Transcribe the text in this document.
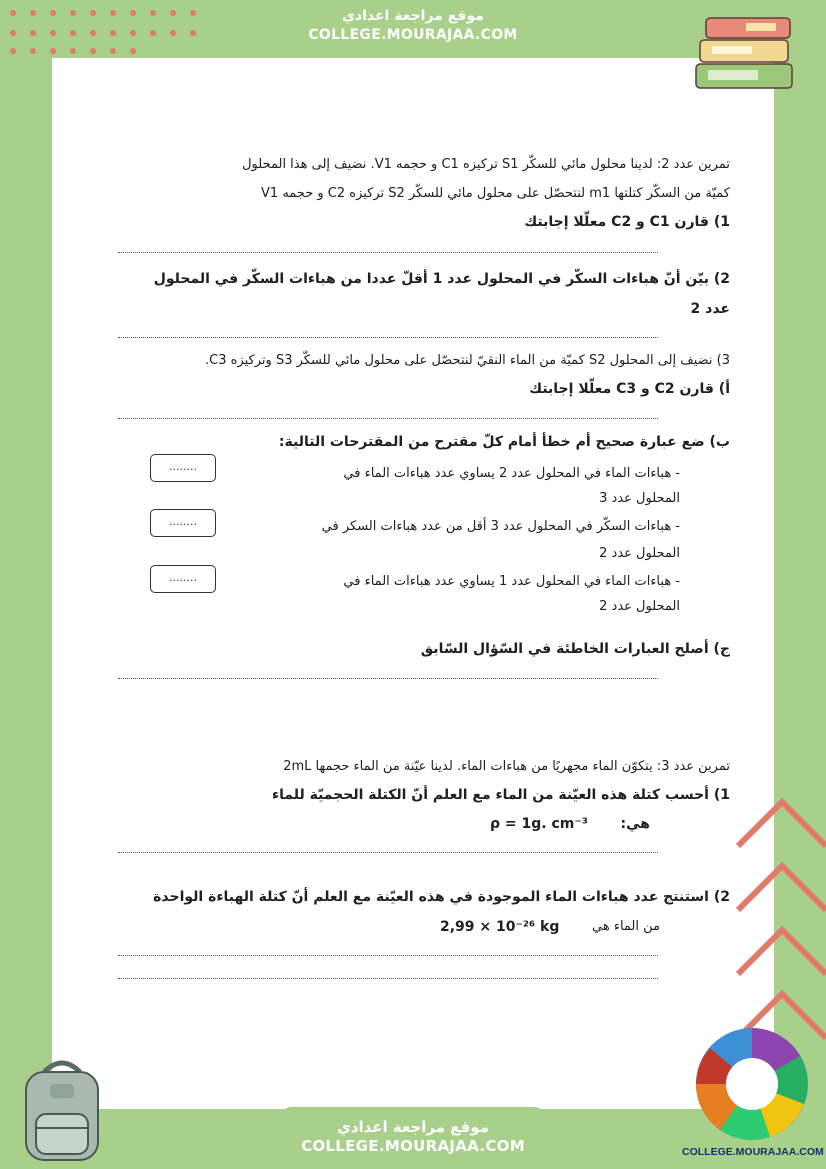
موقع مراجعة اعدادي
COLLEGE.MOURAJAA.COM
تمرين عدد 2: لدينا محلول مائي للسكّر S1 تركيزه C1 و حجمه V1. نضيف إلى هذا المحلول
كميّة من السكّر كتلتها m1 لنتحصّل على محلول مائي للسكّر S2 تركيزه C2 و حجمه V1
1) قارن C1 و C2 معلّلا إجابتك
2) بيّن أنّ هباءات السكّر في المحلول عدد 1 أقلّ عددا من هباءات السكّر في المحلول
عدد 2
3) نضيف إلى المحلول S2 كميّة من الماء النقيّ لنتحصّل على محلول مائي للسكّر S3 وتركيزه C3.
أ) قارن C2 و C3 معلّلا إجابتك
ب) ضع عبارة صحيح أم خطأ أمام كلّ مقترح من المقترحات التالية:
........	- هباءات الماء في المحلول عدد 2 يساوي عدد هباءات الماء في
المحلول عدد 3
........	- هباءات السكّر في المحلول عدد 3 أقل من عدد هباءات السكر في
المحلول عدد 2
........	- هباءات الماء في المحلول عدد 1 يساوي عدد هباءات الماء في
المحلول عدد 2
ج) أصلح العبارات الخاطئة في السّؤال السّابق
تمرين عدد 3: يتكوّن الماء مجهريًا من هباءات الماء. لدينا عيّنة من الماء حجمها 2mL
1) أحسب كتلة هذه العيّنة من الماء مع العلم أنّ الكتلة الحجميّة للماء
هي:
ρ = 1g. cm⁻³
2) استنتج عدد هباءات الماء الموجودة في هذه العيّنة مع العلم أنّ كتلة الهباءة الواحدة
من الماء هي
2,99 × 10⁻²⁶ kg
موقع مراجعة اعدادي
COLLEGE.MOURAJAA.COM	COLLEGE.MOURAJAA.COM
